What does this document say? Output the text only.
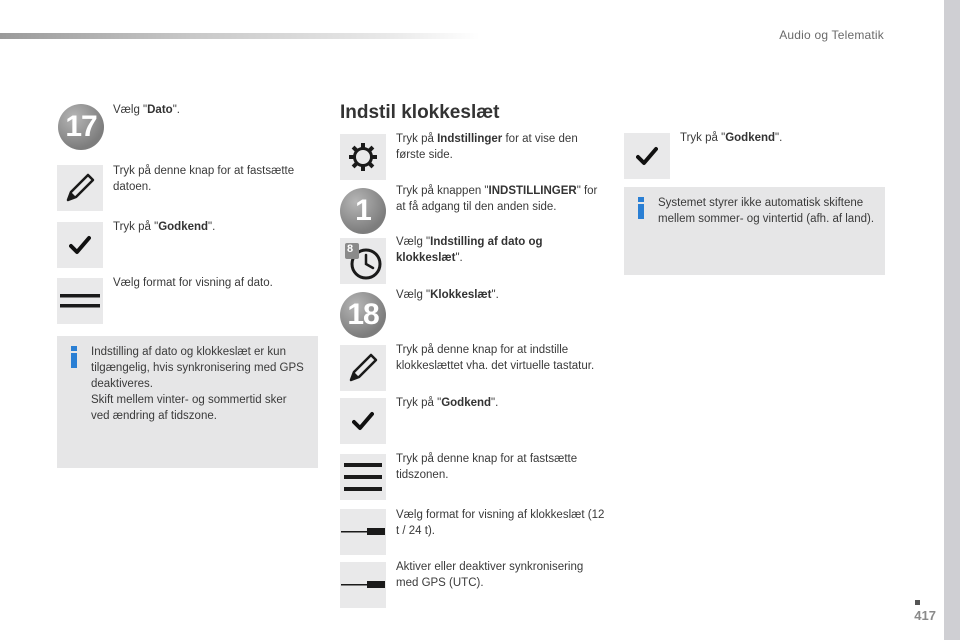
Audio og Telematik
417
17	Vælg "Dato".
Tryk på denne knap for at fastsætte datoen.
Tryk på "Godkend".
Vælg format for visning af dato.
Indstilling af dato og klokkeslæt er kun tilgængelig, hvis synkronisering med GPS deaktiveres.
Skift mellem vinter- og sommertid sker ved ændring af tidszone.
Indstil klokkeslæt
Tryk på Indstillinger for at vise den første side.
1
Tryk på knappen "INDSTILLINGER" for at få adgang til den anden side.
8
Vælg "Indstilling af dato og klokkeslæt".
18
Vælg "Klokkeslæt".
Tryk på denne knap for at indstille klokkeslættet vha. det virtuelle tastatur.
Tryk på "Godkend".
Tryk på denne knap for at fastsætte tidszonen.
Vælg format for visning af klokkeslæt (12 t / 24 t).
Aktiver eller deaktiver synkronisering med GPS (UTC).
Tryk på "Godkend".
Systemet styrer ikke automatisk skiftene mellem sommer- og vintertid (afh. af land).
